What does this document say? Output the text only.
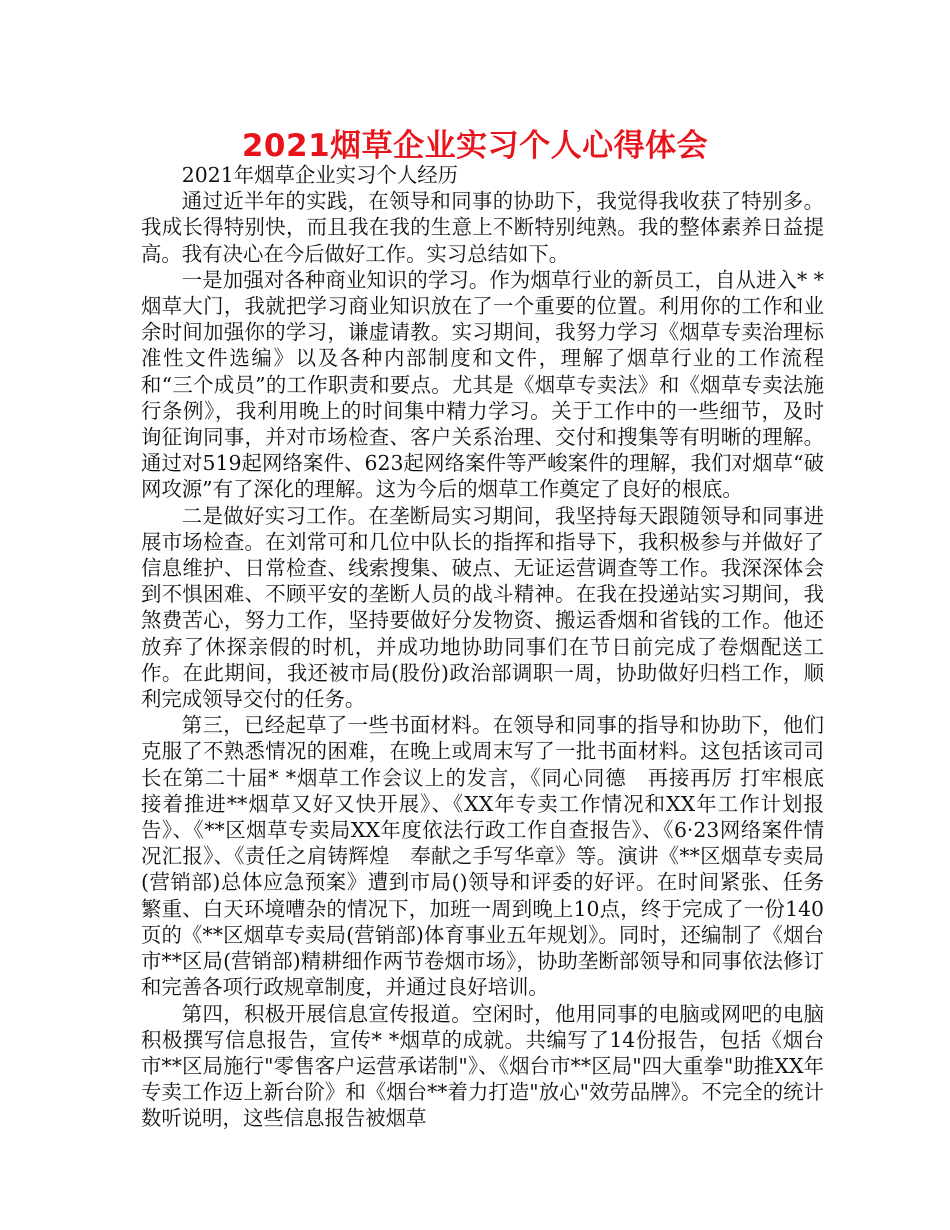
2021烟草企业实习个人心得体会

2021年烟草企业实习个人经历

通过近半年的实践，在领导和同事的协助下，我觉得我收获了特别多。我成长得特别快，而且我在我的生意上不断特别纯熟。我的整体素养日益提高。我有决心在今后做好工作。实习总结如下。

一是加强对各种商业知识的学习。作为烟草行业的新员工，自从进入* *烟草大门，我就把学习商业知识放在了一个重要的位置。利用你的工作和业余时间加强你的学习，谦虚请教。实习期间，我努力学习《烟草专卖治理标准性文件选编》以及各种内部制度和文件，理解了烟草行业的工作流程和“三个成员”的工作职责和要点。尤其是《烟草专卖法》和《烟草专卖法施行条例》，我利用晚上的时间集中精力学习。关于工作中的一些细节，及时询征询同事，并对市场检查、客户关系治理、交付和搜集等有明晰的理解。通过对519起网络案件、623起网络案件等严峻案件的理解，我们对烟草“破网攻源”有了深化的理解。这为今后的烟草工作奠定了良好的根底。

二是做好实习工作。在垄断局实习期间，我坚持每天跟随领导和同事进展市场检查。在刘常可和几位中队长的指挥和指导下，我积极参与并做好了信息维护、日常检查、线索搜集、破点、无证运营调查等工作。我深深体会到不惧困难、不顾平安的垄断人员的战斗精神。在我在投递站实习期间，我煞费苦心，努力工作，坚持要做好分发物资、搬运香烟和省钱的工作。他还放弃了休探亲假的时机，并成功地协助同事们在节日前完成了卷烟配送工作。在此期间，我还被市局(股份)政治部调职一周，协助做好归档工作，顺利完成领导交付的任务。

第三，已经起草了一些书面材料。在领导和同事的指导和协助下，他们克服了不熟悉情况的困难，在晚上或周末写了一批书面材料。这包括该司司长在第二十届* *烟草工作会议上的发言，《同心同德　再接再厉 打牢根底　接着推进**烟草又好又快开展》、《XX年专卖工作情况和XX年工作计划报告》、《**区烟草专卖局XX年度依法行政工作自查报告》、《6·23网络案件情况汇报》、《责任之肩铸辉煌　奉献之手写华章》等。演讲《**区烟草专卖局(营销部)总体应急预案》遭到市局()领导和评委的好评。在时间紧张、任务繁重、白天环境嘈杂的情况下，加班一周到晚上10点，终于完成了一份140页的《**区烟草专卖局(营销部)体育事业五年规划》。同时，还编制了《烟台市**区局(营销部)精耕细作两节卷烟市场》，协助垄断部领导和同事依法修订和完善各项行政规章制度，并通过良好培训。

第四，积极开展信息宣传报道。空闲时，他用同事的电脑或网吧的电脑积极撰写信息报告，宣传* *烟草的成就。共编写了14份报告，包括《烟台市**区局施行"零售客户运营承诺制"》、《烟台市**区局"四大重拳"助推XX年专卖工作迈上新台阶》和《烟台**着力打造"放心"效劳品牌》。不完全的统计数听说明，这些信息报告被烟草
